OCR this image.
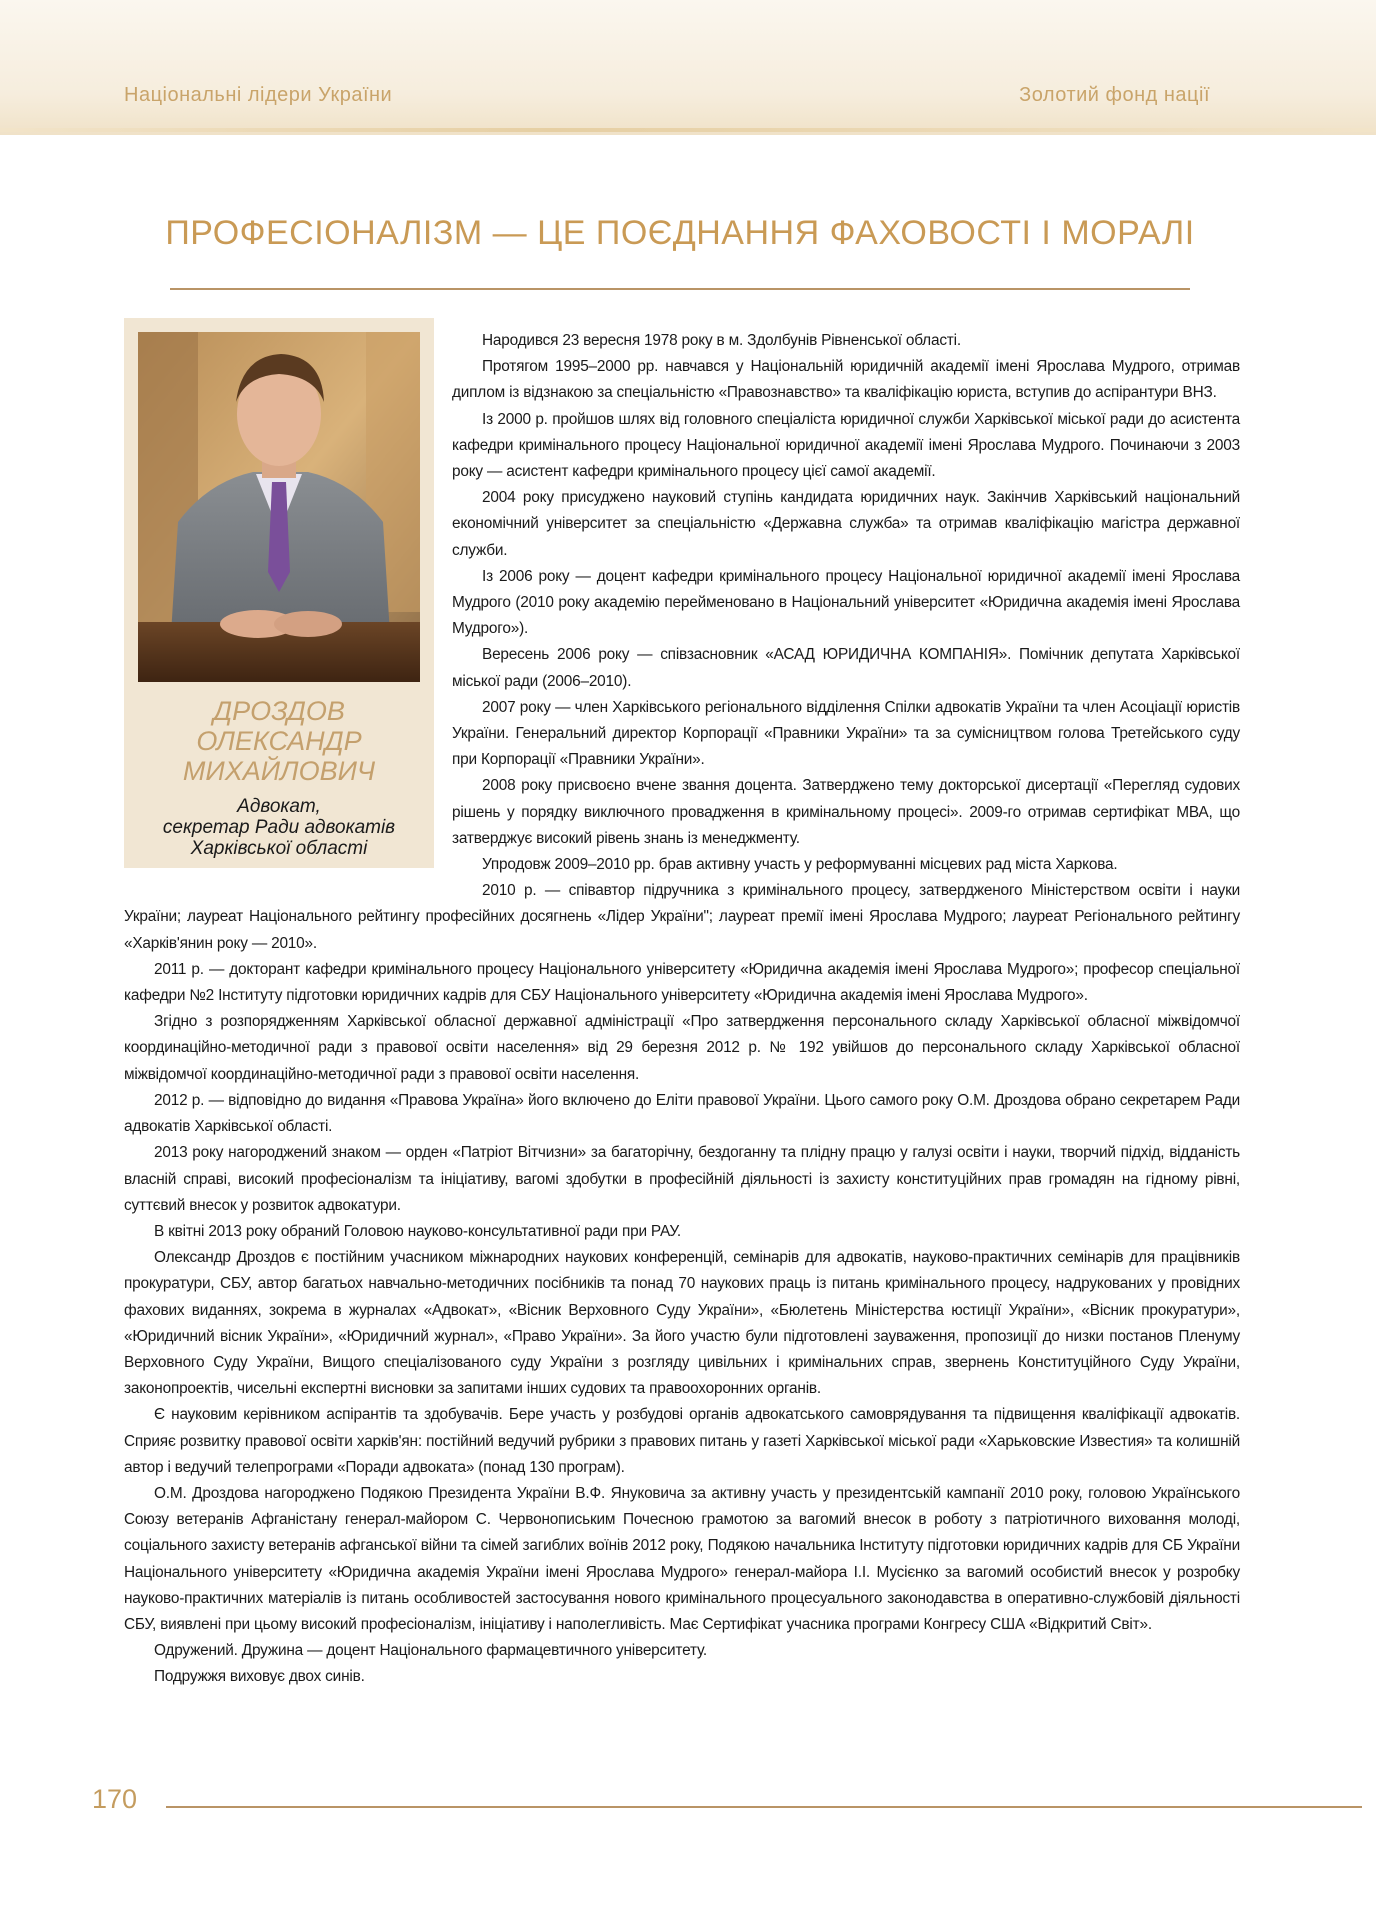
Національні лідери України	Золотий фонд нації
ПРОФЕСІОНАЛІЗМ — ЦЕ ПОЄДНАННЯ ФАХОВОСТІ І МОРАЛІ
ДРОЗДОВ
ОЛЕКСАНДР
МИХАЙЛОВИЧ
Адвокат,
секретар Ради адвокатів
Харківської області

Народився 23 вересня 1978 року в м. Здолбунів Рівненської області.

Протягом 1995–2000 рр. навчався у Національній юридичній академії імені Ярослава Мудрого, отримав диплом із відзнакою за спеціальністю «Правознавство» та кваліфікацію юриста, вступив до аспірантури ВНЗ.

Із 2000 р. пройшов шлях від головного спеціаліста юридичної служби Харківської міської ради до асистента кафедри кримінального процесу Національної юридичної академії імені Ярослава Мудрого. Починаючи з 2003 року — асистент кафедри кримінального процесу цієї самої академії.

2004 року присуджено науковий ступінь кандидата юридичних наук. Закінчив Харківський національний економічний університет за спеціальністю «Державна служба» та отримав кваліфікацію магістра державної служби.

Із 2006 року — доцент кафедри кримінального процесу Національної юридичної академії імені Ярослава Мудрого (2010 року академію перейменовано в Національний університет «Юридична академія імені Ярослава Мудрого»).

Вересень 2006 року — співзасновник «АСАД ЮРИДИЧНА КОМПАНІЯ». Помічник депутата Харківської міської ради (2006–2010).

2007 року — член Харківського регіонального відділення Спілки адвокатів України та член Асоціації юристів України. Генеральний директор Корпорації «Правники України» та за сумісництвом голова Третейського суду при Корпорації «Правники України».

2008 року присвоєно вчене звання доцента. Затверджено тему докторської дисертації «Перегляд судових рішень у порядку виключного провадження в кримінальному процесі». 2009-го отримав сертифікат МВА, що затверджує високий рівень знань із менеджменту.

Упродовж 2009–2010 рр. брав активну участь у реформуванні місцевих рад міста Харкова.

2010 р. — співавтор підручника з кримінального процесу, затвердженого Міністерством освіти і науки України; лауреат Національного рейтингу професійних досягнень «Лідер України"; лауреат премії імені Ярослава Мудрого; лауреат Регіонального рейтингу «Харків'янин року — 2010».

2011 р. — докторант кафедри кримінального процесу Національного університету «Юридична академія імені Ярослава Мудрого»; професор спеціальної кафедри №2 Інституту підготовки юридичних кадрів для СБУ Національного університету «Юридична академія імені Ярослава Мудрого».

Згідно з розпорядженням Харківської обласної державної адміністрації «Про затвердження персонального складу Харківської обласної міжвідомчої координаційно-методичної ради з правової освіти населення» від 29 березня 2012 р. № 192 увійшов до персонального складу Харківської обласної міжвідомчої координаційно-методичної ради з правової освіти населення.

2012 р. — відповідно до видання «Правова Україна» його включено до Еліти правової України. Цього самого року О.М. Дроздова обрано секретарем Ради адвокатів Харківської області.

2013 року нагороджений знаком — орден «Патріот Вітчизни» за багаторічну, бездоганну та плідну працю у галузі освіти і науки, творчий підхід, відданість власній справі, високий професіоналізм та ініціативу, вагомі здобутки в професійній діяльності із захисту конституційних прав громадян на гідному рівні, суттєвий внесок у розвиток адвокатури.

В квітні 2013 року обраний Головою науково-консультативної ради при РАУ.

Олександр Дроздов є постійним учасником міжнародних наукових конференцій, семінарів для адвокатів, науково-практичних семінарів для працівників прокуратури, СБУ, автор багатьох навчально-методичних посібників та понад 70 наукових праць із питань кримінального процесу, надрукованих у провідних фахових виданнях, зокрема в журналах «Адвокат», «Вісник Верховного Суду України», «Бюлетень Міністерства юстиції України», «Вісник прокуратури», «Юридичний вісник України», «Юридичний журнал», «Право України». За його участю були підготовлені зауваження, пропозиції до низки постанов Пленуму Верховного Суду України, Вищого спеціалізованого суду України з розгляду цивільних і кримінальних справ, звернень Конституційного Суду України, законопроектів, чисельні експертні висновки за запитами інших судових та правоохоронних органів.

Є науковим керівником аспірантів та здобувачів. Бере участь у розбудові органів адвокатського самоврядування та підвищення кваліфікації адвокатів. Сприяє розвитку правової освіти харків'ян: постійний ведучий рубрики з правових питань у газеті Харківської міської ради «Харьковские Известия» та колишній автор і ведучий телепрограми «Поради адвоката» (понад 130 програм).

О.М. Дроздова нагороджено Подякою Президента України В.Ф. Януковича за активну участь у президентській кампанії 2010 року, головою Українського Союзу ветеранів Афганістану генерал-майором С. Червонопиським Почесною грамотою за вагомий внесок в роботу з патріотичного виховання молоді, соціального захисту ветеранів афганської війни та сімей загиблих воїнів 2012 року, Подякою начальника Інституту підготовки юридичних кадрів для СБ України Національного університету «Юридична академія України імені Ярослава Мудрого» генерал-майора І.І. Мусієнко за вагомий особистий внесок у розробку науково-практичних матеріалів із питань особливостей застосування нового кримінального процесуального законодавства в оперативно-службовій діяльності СБУ, виявлені при цьому високий професіоналізм, ініціативу і наполегливість. Має Сертифікат учасника програми Конгресу США «Відкритий Світ».

Одружений. Дружина — доцент Національного фармацевтичного університету.

Подружжя виховує двох синів.

170
